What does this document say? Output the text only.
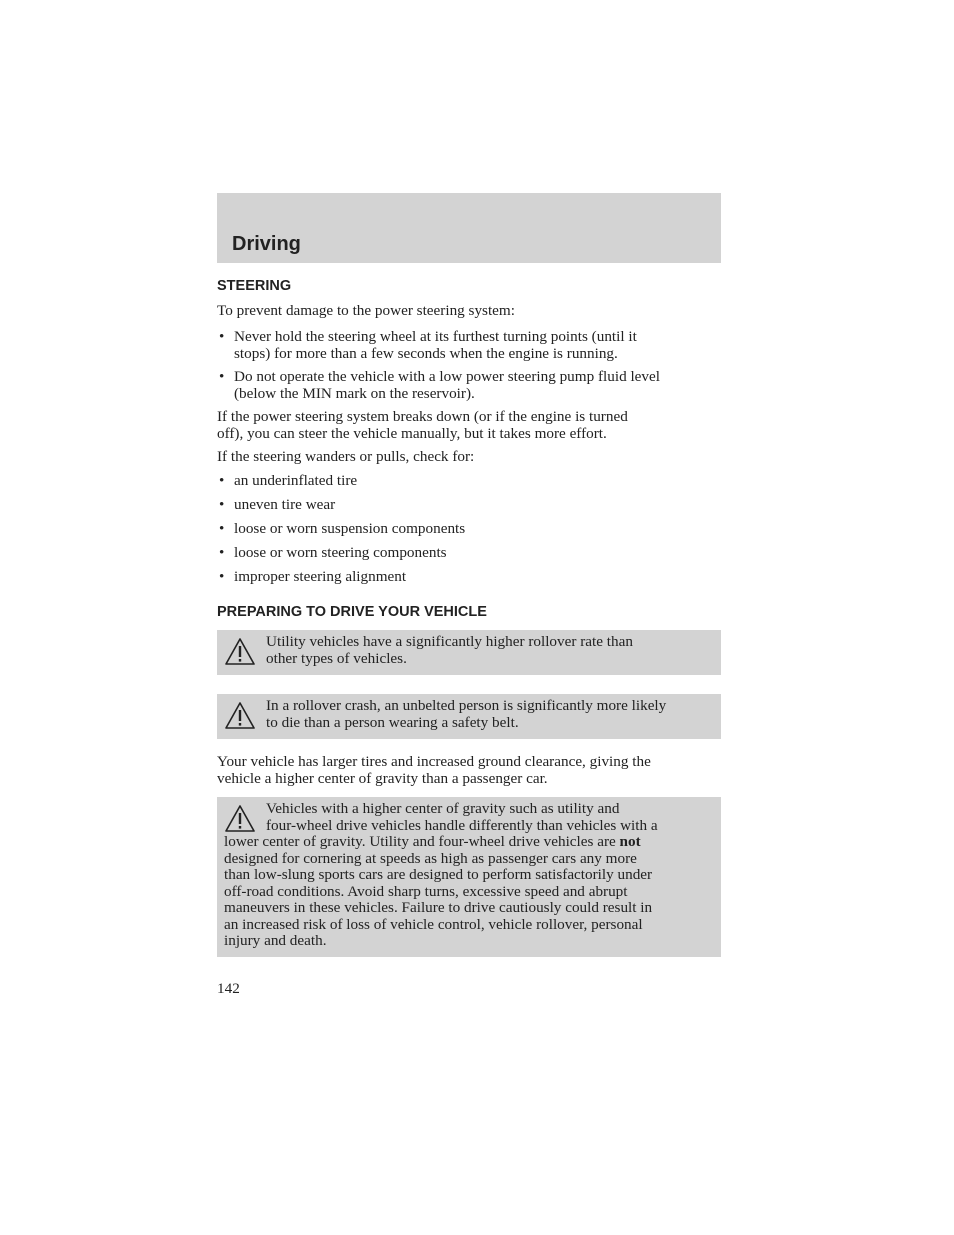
Driving
STEERING
To prevent damage to the power steering system:
• Never hold the steering wheel at its furthest turning points (until it
stops) for more than a few seconds when the engine is running.
• Do not operate the vehicle with a low power steering pump fluid level
(below the MIN mark on the reservoir).
If the power steering system breaks down (or if the engine is turned
off), you can steer the vehicle manually, but it takes more effort.
If the steering wanders or pulls, check for:
• an underinflated tire
• uneven tire wear
• loose or worn suspension components
• loose or worn steering components
• improper steering alignment
PREPARING TO DRIVE YOUR VEHICLE
Utility vehicles have a significantly higher rollover rate than
other types of vehicles.
In a rollover crash, an unbelted person is significantly more likely
to die than a person wearing a safety belt.
Your vehicle has larger tires and increased ground clearance, giving the
vehicle a higher center of gravity than a passenger car.
Vehicles with a higher center of gravity such as utility and
four-wheel drive vehicles handle differently than vehicles with a
lower center of gravity. Utility and four-wheel drive vehicles are not
designed for cornering at speeds as high as passenger cars any more
than low-slung sports cars are designed to perform satisfactorily under
off-road conditions. Avoid sharp turns, excessive speed and abrupt
maneuvers in these vehicles. Failure to drive cautiously could result in
an increased risk of loss of vehicle control, vehicle rollover, personal
injury and death.
142
